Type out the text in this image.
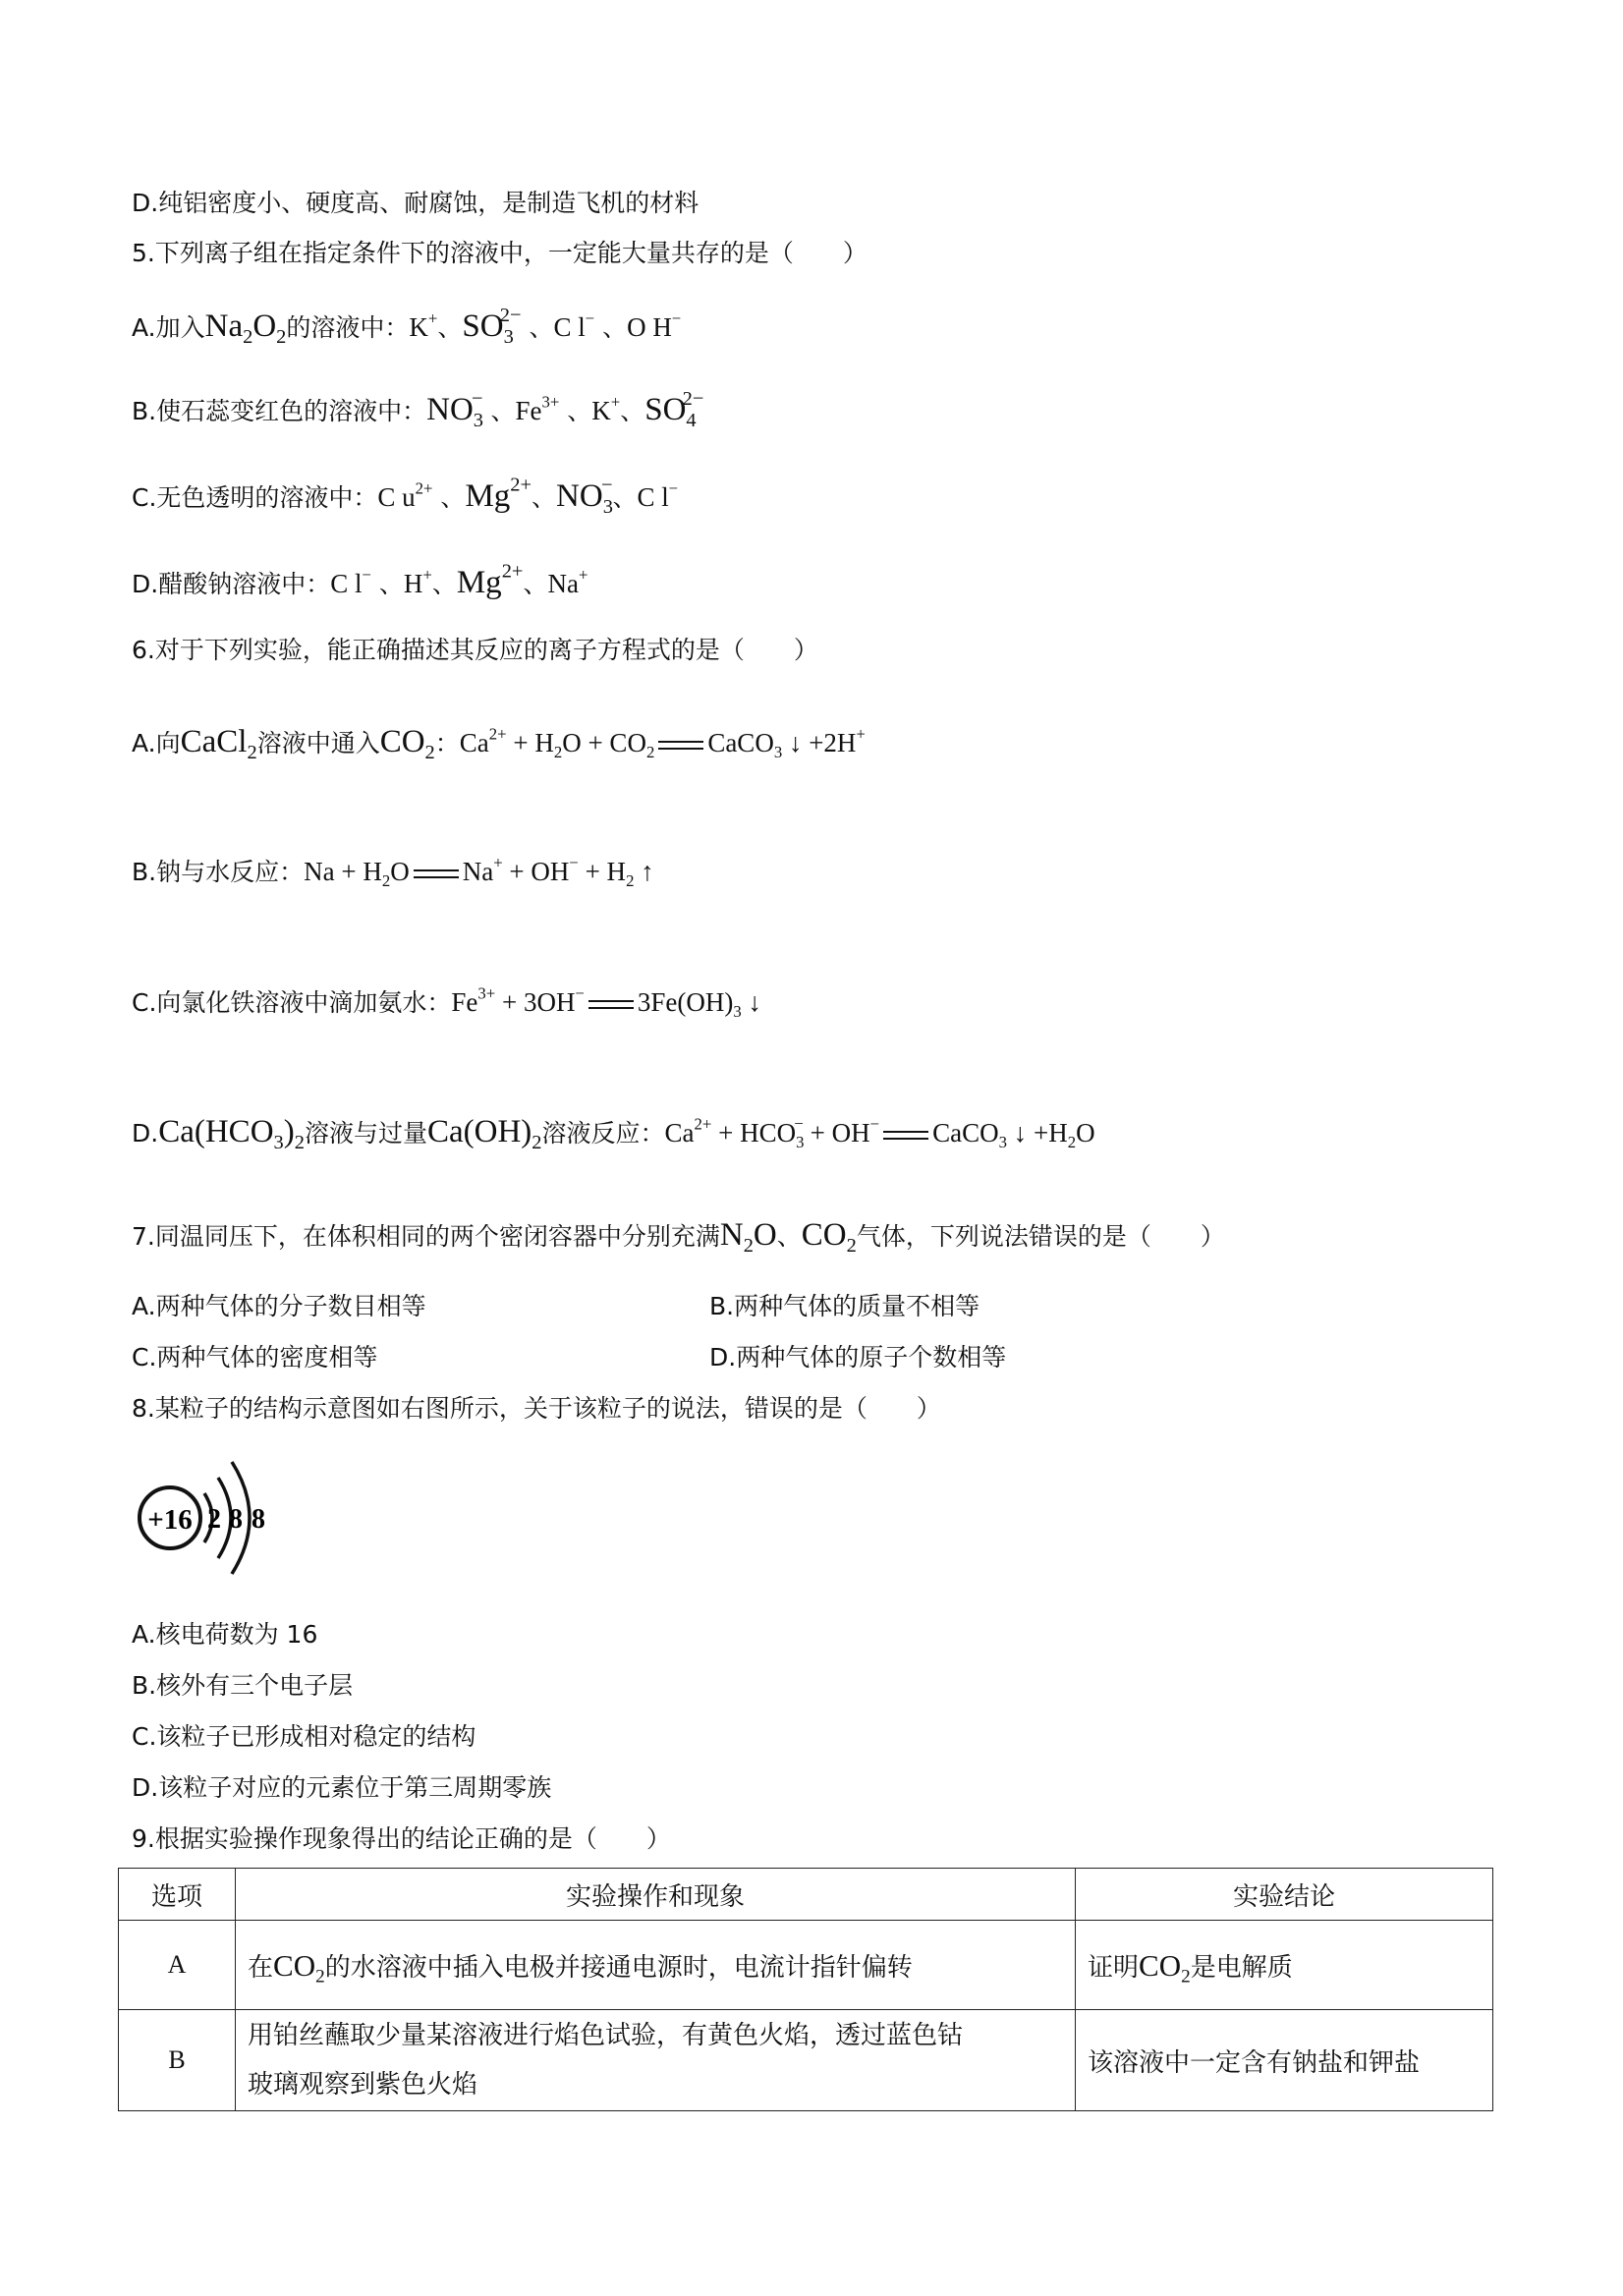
D.纯铝密度小、硬度高、耐腐蚀，是制造飞机的材料
5.下列离子组在指定条件下的溶液中，一定能大量共存的是（　　）
A.加入$Na_2O_2$的溶液中：K+、$SO_3^{2-}$ 、C l− 、O H−
B.使石蕊变红色的溶液中：$NO_3^-$ 、$Fe^{3+}$ 、K+、$SO_4^{2-}$
C.无色透明的溶液中：C $u^{2+}$ 、$Mg^{2+}$、$NO_3^-$、C l−
D.醋酸钠溶液中：C l− 、H+、$Mg^{2+}$、Na+
6.对于下列实验，能正确描述其反应的离子方程式的是（　　）
A.向CaCl$_2$溶液中通入$CO_2$：$Ca^{2+} + H_2O + CO_2$ CaCO$_3$ ↓ +2H+
B.钠与水反应：$Na + H_2O$ $Na^+ + OH^- + H_2$ ↑
C.向氯化铁溶液中滴加氨水：$Fe^{3+} + 3OH^-$ $3Fe(OH)_3$ ↓
$D.Ca(HCO_3)_2$溶液与过量$Ca(OH)_2$溶液反应：$Ca^{2+} + HCO_3^- + OH^-$ CaCO$_3$ ↓ $+H_2O$
7.同温同压下，在体积相同的两个密闭容器中分别充满$N_2O$、$CO_2$气体，下列说法错误的是（　　）
A.两种气体的分子数目相等	B.两种气体的质量不相等
C.两种气体的密度相等	D.两种气体的原子个数相等
8.某粒子的结构示意图如右图所示，关于该粒子的说法，错误的是（　　）
+16 2 8 8
A.核电荷数为 16
B.核外有三个电子层
C.该粒子已形成相对稳定的结构
D.该粒子对应的元素位于第三周期零族
9.根据实验操作现象得出的结论正确的是（　　）
选项	实验操作和现象	实验结论
A	在$CO_2$的水溶液中插入电极并接通电源时，电流计指针偏转	证明$CO_2$是电解质
B	用铂丝蘸取少量某溶液进行焰色试验，有黄色火焰，透过蓝色钴
玻璃观察到紫色火焰	该溶液中一定含有钠盐和钾盐
